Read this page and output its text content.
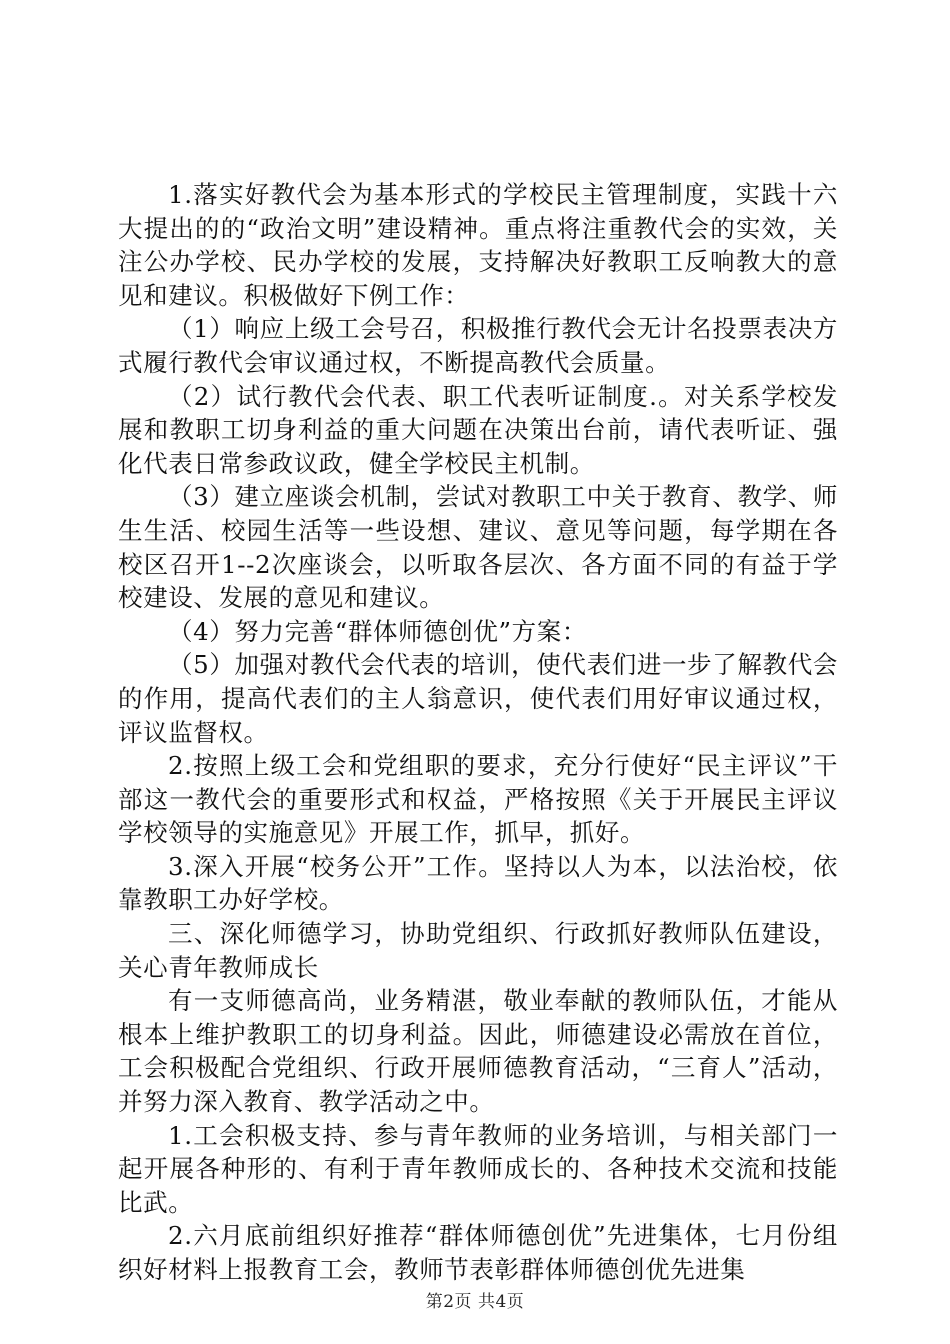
1.落实好教代会为基本形式的学校民主管理制度，实践十六大提出的的“政治文明”建设精神。重点将注重教代会的实效，关注公办学校、民办学校的发展，支持解决好教职工反响教大的意见和建议。积极做好下例工作：

（1）响应上级工会号召，积极推行教代会无计名投票表决方式履行教代会审议通过权，不断提高教代会质量。

（2）试行教代会代表、职工代表听证制度.。对关系学校发展和教职工切身利益的重大问题在决策出台前，请代表听证、强化代表日常参政议政，健全学校民主机制。

（3）建立座谈会机制，尝试对教职工中关于教育、教学、师生生活、校园生活等一些设想、建议、意见等问题，每学期在各校区召开1--2次座谈会，以听取各层次、各方面不同的有益于学校建设、发展的意见和建议。

（4）努力完善“群体师德创优”方案：

（5）加强对教代会代表的培训，使代表们进一步了解教代会的作用，提高代表们的主人翁意识，使代表们用好审议通过权，评议监督权。

2.按照上级工会和党组职的要求，充分行使好“民主评议”干部这一教代会的重要形式和权益，严格按照《关于开展民主评议学校领导的实施意见》开展工作，抓早，抓好。

3.深入开展“校务公开”工作。坚持以人为本，以法治校，依靠教职工办好学校。

三、深化师德学习，协助党组织、行政抓好教师队伍建设，关心青年教师成长

有一支师德高尚，业务精湛，敬业奉献的教师队伍，才能从根本上维护教职工的切身利益。因此，师德建设必需放在首位，工会积极配合党组织、行政开展师德教育活动，“三育人”活动，并努力深入教育、教学活动之中。

1.工会积极支持、参与青年教师的业务培训，与相关部门一起开展各种形的、有利于青年教师成长的、各种技术交流和技能比武。

2.六月底前组织好推荐“群体师德创优”先进集体，七月份组织好材料上报教育工会，教师节表彰群体师德创优先进集

第2页 共4页
